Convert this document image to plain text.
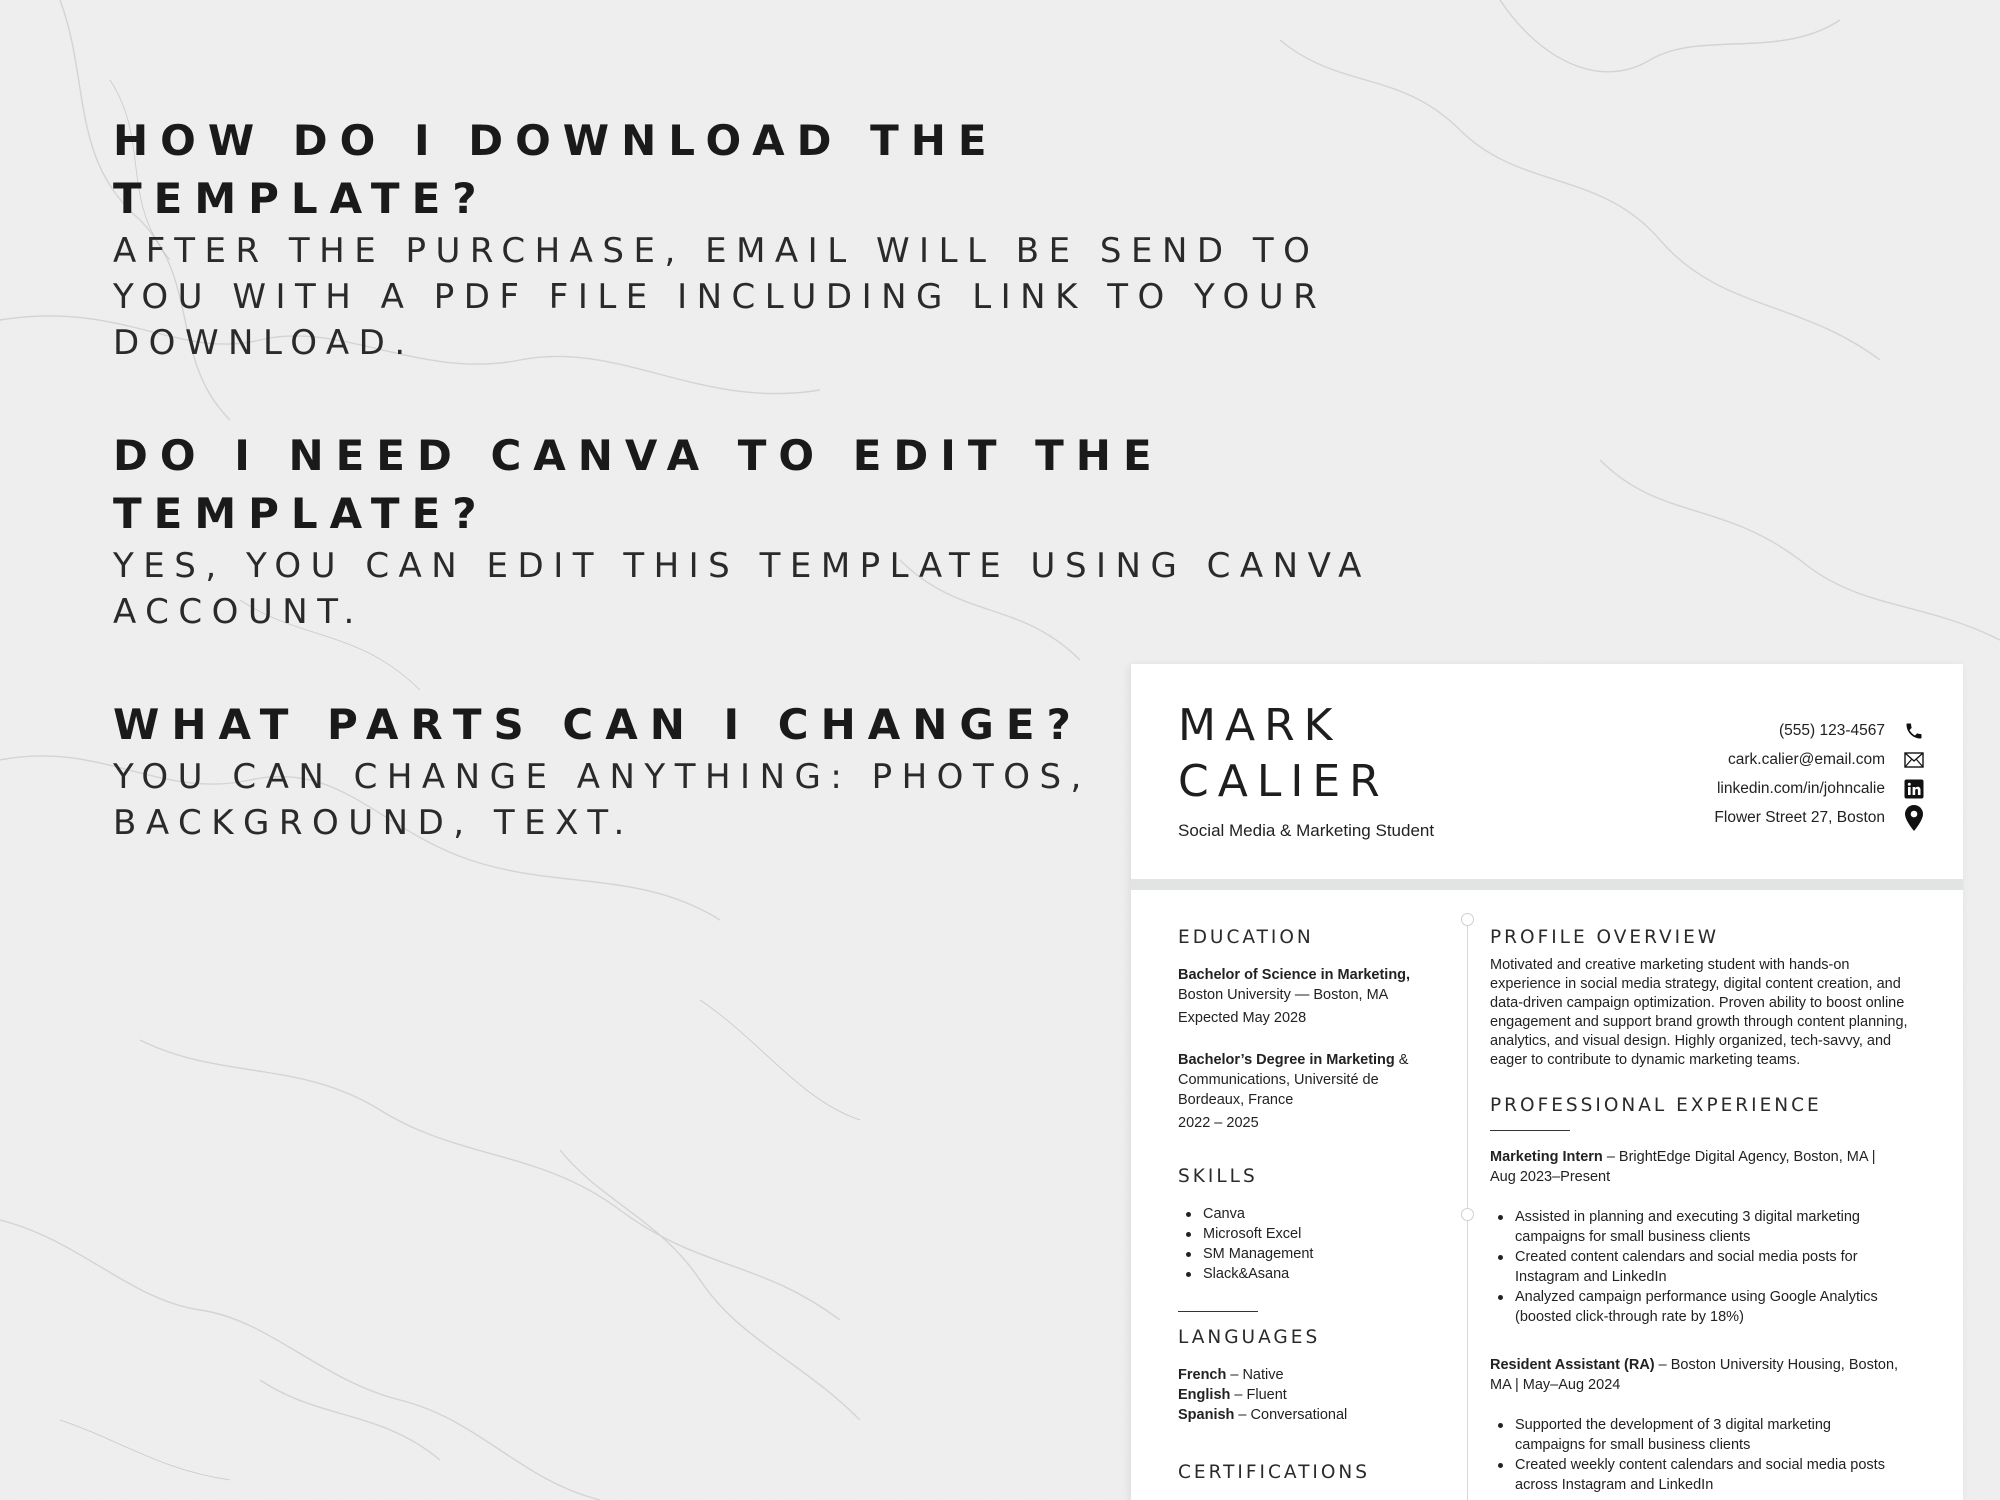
HOW DO I DOWNLOAD THE
TEMPLATE?
AFTER THE PURCHASE, EMAIL WILL BE SEND TO
YOU WITH A PDF FILE INCLUDING LINK TO YOUR
DOWNLOAD.
DO I NEED CANVA TO EDIT THE
TEMPLATE?
YES, YOU CAN EDIT THIS TEMPLATE USING CANVA
ACCOUNT.
WHAT PARTS CAN I CHANGE?
YOU CAN CHANGE ANYTHING: PHOTOS,
BACKGROUND, TEXT.
MARK
CALIER
Social Media & Marketing Student
(555) 123-4567
cark.calier@email.com
linkedin.com/in/johncalie
Flower Street 27, Boston
EDUCATION
Bachelor of Science in Marketing,
Boston University — Boston, MA
Expected May 2028
Bachelor’s Degree in Marketing &
Communications, Université de
Bordeaux, France
2022 – 2025
SKILLS
Canva
Microsoft Excel
SM Management
Slack&Asana
LANGUAGES
French – Native
English – Fluent
Spanish – Conversational
CERTIFICATIONS
PROFILE OVERVIEW
Motivated and creative marketing student with hands-on
experience in social media strategy, digital content creation, and
data-driven campaign optimization. Proven ability to boost online
engagement and support brand growth through content planning,
analytics, and visual design. Highly organized, tech-savvy, and
eager to contribute to dynamic marketing teams.
PROFESSIONAL EXPERIENCE
Marketing Intern – BrightEdge Digital Agency, Boston, MA |
Aug 2023–Present
Assisted in planning and executing 3 digital marketing
campaigns for small business clients
Created content calendars and social media posts for
Instagram and LinkedIn
Analyzed campaign performance using Google Analytics
(boosted click-through rate by 18%)
Resident Assistant (RA) – Boston University Housing, Boston,
MA | May–Aug 2024
Supported the development of 3 digital marketing
campaigns for small business clients
Created weekly content calendars and social media posts
across Instagram and LinkedIn
